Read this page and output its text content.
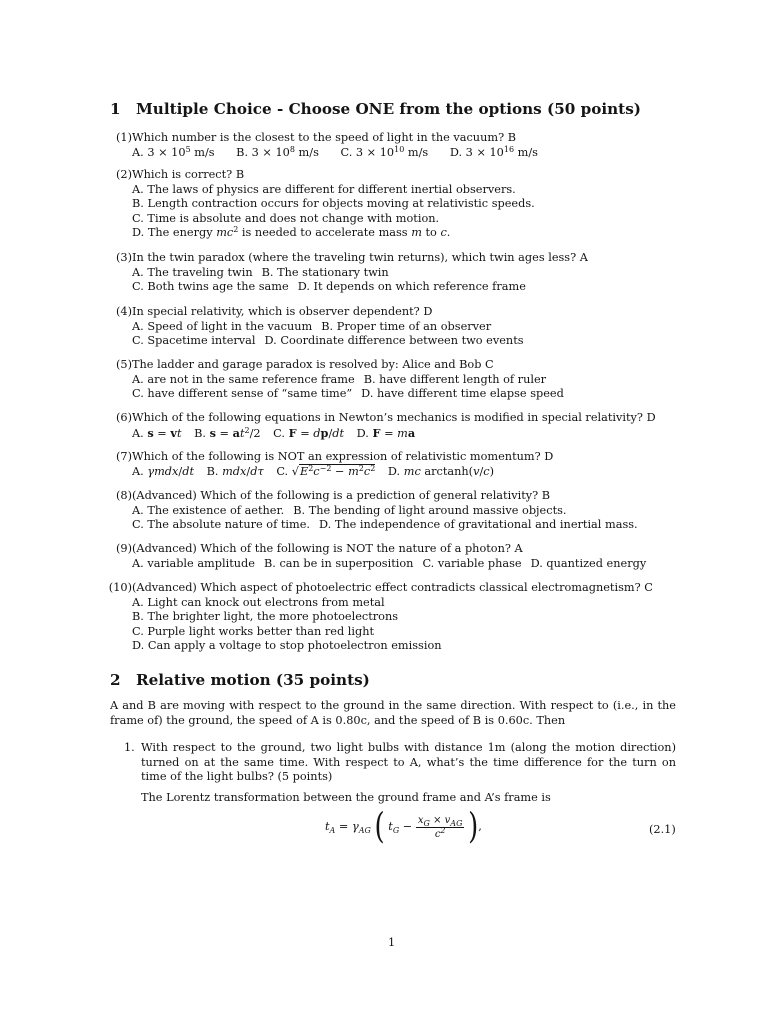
1 Multiple Choice - Choose ONE from the options (50 points)
(1) Which number is the closest to the speed of light in the vacuum? B
A. $3 \times 10^5$ m/s B. $3 \times 10^8$ m/s C. $3 \times 10^{10}$ m/s D. $3 \times 10^{16}$ m/s
(2) Which is correct? B
A. The laws of physics are different for different inertial observers.
B. Length contraction occurs for objects moving at relativistic speeds.
C. Time is absolute and does not change with motion.
D. The energy $mc^2$ is needed to accelerate mass m to c.
(3) In the twin paradox (where the traveling twin returns), which twin ages less? A
A. The traveling twin B. The stationary twin
C. Both twins age the same D. It depends on which reference frame
(4) In special relativity, which is observer dependent? D
A. Speed of light in the vacuum B. Proper time of an observer
C. Spacetime interval D. Coordinate difference between two events
(5) The ladder and garage paradox is resolved by: Alice and Bob C
A. are not in the same reference frame B. have different length of ruler
C. have different sense of “same time” D. have different time elapse speed
(6) Which of the following equations in Newton’s mechanics is modified in special relativity? D
A. s = vt B. $s = at^2/2$ C. F = dp/dt D. F = ma
(7) Which of the following is NOT an expression of relativistic momentum? D
A. γmdx/dt B. mdx/dτ C. $√E^2c^{-2} - m^2c^2$ D. mc arctanh(v/c)
(8) (Advanced) Which of the following is a prediction of general relativity? B
A. The existence of aether. B. The bending of light around massive objects.
C. The absolute nature of time. D. The independence of gravitational and inertial mass.
(9) (Advanced) Which of the following is NOT the nature of a photon? A
A. variable amplitude B. can be in superposition C. variable phase D. quantized energy
(10) (Advanced) Which aspect of photoelectric effect contradicts classical electromagnetism? C
A. Light can knock out electrons from metal
B. The brighter light, the more photoelectrons
C. Purple light works better than red light
D. Can apply a voltage to stop photoelectron emission
2 Relative motion (35 points)
A and B are moving with respect to the ground in the same direction. With respect to (i.e., in the frame of) the ground, the speed of A is 0.80c, and the speed of B is 0.60c. Then
1. With respect to the ground, two light bulbs with distance 1m (along the motion direction) turned on at the same time. With respect to A, what’s the time difference for the turn on time of the light bulbs? (5 points)
The Lorentz transformation between the ground frame and A’s frame is
$t_A = \gamma_{AG}$ ( $t_G - \frac{x_G \times v_{AG}}{c^2}$ ),	(2.1)
1
